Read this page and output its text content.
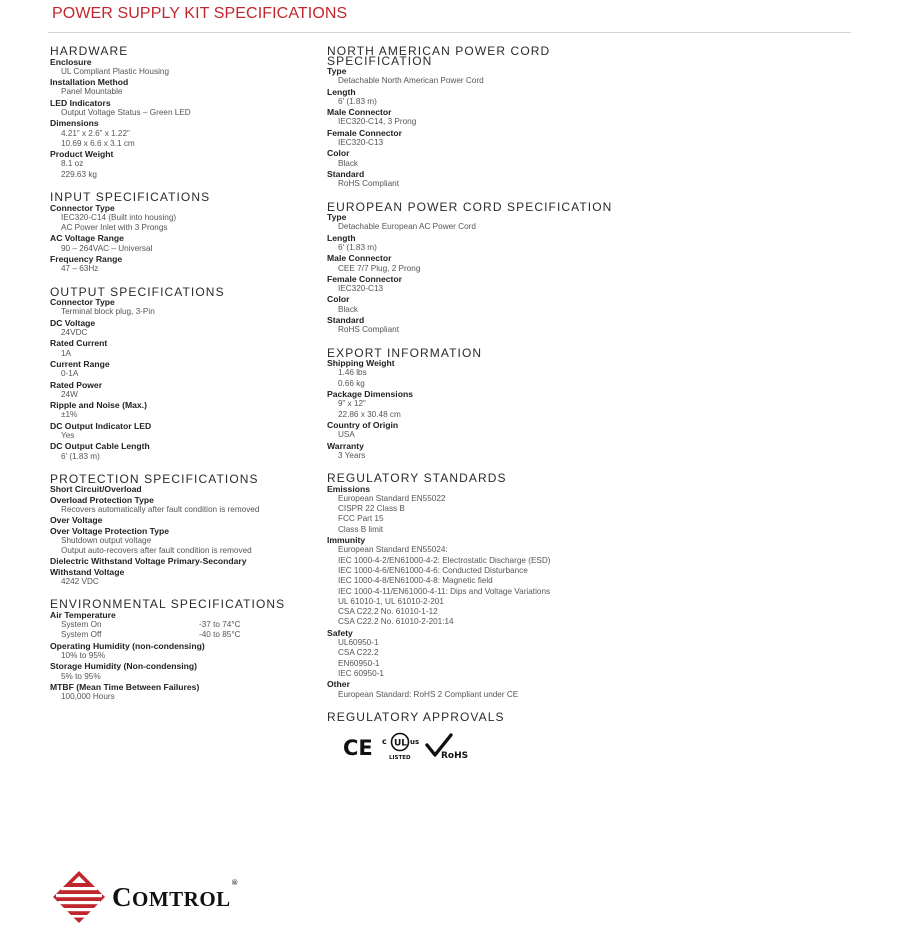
POWER SUPPLY KIT SPECIFICATIONS
HARDWARE
Enclosure
UL Compliant Plastic Housing
Installation Method
Panel Mountable
LED Indicators
Output Voltage Status – Green LED
Dimensions
4.21” x 2.6” x 1.22”
10.69 x 6.6 x 3.1 cm
Product Weight
8.1 oz
229.63 kg
INPUT SPECIFICATIONS
Connector Type
IEC320-C14 (Built into housing)
AC Power Inlet with 3 Prongs
AC Voltage Range
90 – 264VAC – Universal
Frequency Range
47 – 63Hz
OUTPUT SPECIFICATIONS
Connector Type
Terminal block plug, 3-Pin
DC Voltage
24VDC
Rated Current
1A
Current Range
0-1A
Rated Power
24W
Ripple and Noise (Max.)
±1%
DC Output Indicator LED
Yes
DC Output Cable Length
6’ (1.83 m)
PROTECTION SPECIFICATIONS
Short Circuit/Overload
Overload Protection Type
Recovers automatically after fault condition is removed
Over Voltage
Over Voltage Protection Type
Shutdown output voltage
Output auto-recovers after fault condition is removed
Dielectric Withstand Voltage Primary-Secondary
Withstand Voltage
4242 VDC
ENVIRONMENTAL SPECIFICATIONS
Air Temperature
System On	-37 to 74°C
System Off	-40 to 85°C
Operating Humidity (non-condensing)
10% to 95%
Storage Humidity (Non-condensing)
5% to 95%
MTBF (Mean Time Between Failures)
100,000 Hours
NORTH AMERICAN POWER CORD SPECIFICATION
Type
Detachable North American Power Cord
Length
6’ (1.83 m)
Male Connector
IEC320-C14, 3 Prong
Female Connector
IEC320-C13
Color
Black
Standard
RoHS Compliant
EUROPEAN POWER CORD SPECIFICATION
Type
Detachable European AC Power Cord
Length
6’ (1.83 m)
Male Connector
CEE 7/7 Plug, 2 Prong
Female Connector
IEC320-C13
Color
Black
Standard
RoHS Compliant
EXPORT INFORMATION
Shipping Weight
1.46 lbs
0.66 kg
Package Dimensions
9” x 12”
22.86 x 30.48 cm
Country of Origin
USA
Warranty
3 Years
REGULATORY STANDARDS
Emissions
European Standard EN55022
CISPR 22 Class B
FCC Part 15
Class B limit
Immunity
European Standard EN55024:
IEC 1000-4-2/EN61000-4-2: Electrostatic Discharge (ESD)
IEC 1000-4-6/EN61000-4-6: Conducted Disturbance
IEC 1000-4-8/EN61000-4-8: Magnetic field
IEC 1000-4-11/EN61000-4-11: Dips and Voltage Variations
UL 61010-1, UL 61010-2-201
CSA C22.2 No. 61010-1-12
CSA C22.2 No. 61010-2-201:14
Safety
UL60950-1
CSA C22.2
EN60950-1
IEC 60950-1
Other
European Standard: RoHS 2 Compliant under CE
REGULATORY APPROVALS
CE c UL us
LISTED	RoHS
COMTROL®
